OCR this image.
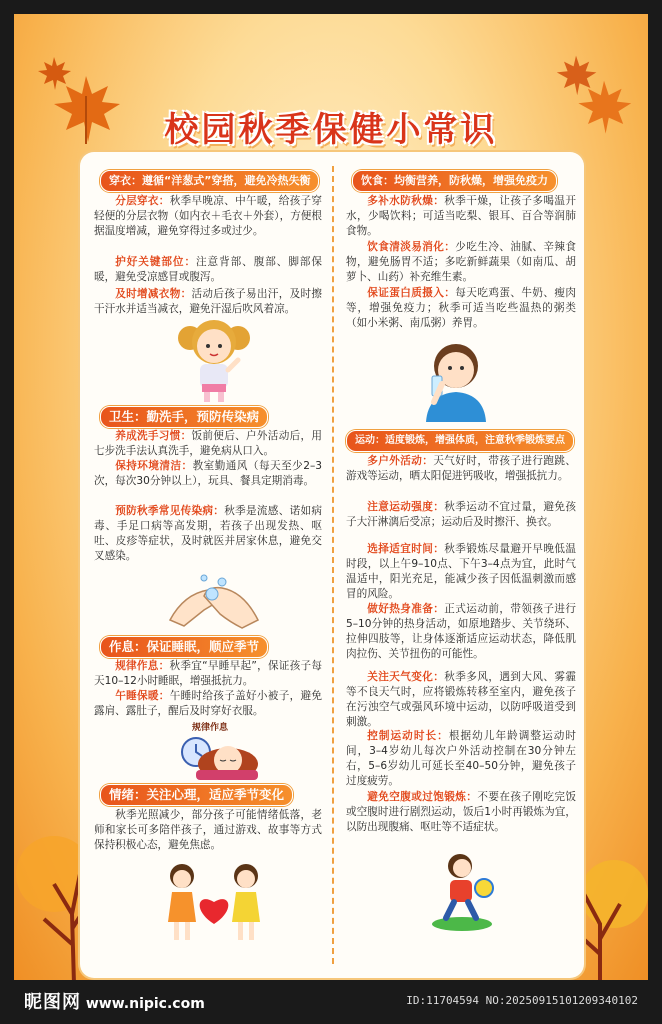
校园秋季保健小常识
穿衣：遵循“洋葱式”穿搭，避免冷热失衡
分层穿衣：秋季早晚凉、中午暖，给孩子穿轻便的分层衣物（如内衣＋毛衣＋外套），方便根据温度增减，避免穿得过多或过少。
护好关键部位：注意背部、腹部、脚部保暖，避免受凉感冒或腹泻。
及时增减衣物：活动后孩子易出汗，及时擦干汗水并适当减衣，避免汗湿后吹风着凉。
卫生：勤洗手，预防传染病
养成洗手习惯：饭前便后、户外活动后，用七步洗手法认真洗手，避免病从口入。
保持环境清洁：教室勤通风（每天至少2–3次，每次30分钟以上），玩具、餐具定期消毒。
预防秋季常见传染病：秋季是流感、诺如病毒、手足口病等高发期，若孩子出现发热、呕吐、皮疹等症状，及时就医并居家休息，避免交叉感染。
作息：保证睡眠，顺应季节
规律作息：秋季宜“早睡早起”，保证孩子每天10–12小时睡眠，增强抵抗力。
午睡保暖：午睡时给孩子盖好小被子，避免露肩、露肚子，醒后及时穿好衣服。
规律作息
情绪：关注心理，适应季节变化
秋季光照减少，部分孩子可能情绪低落，老师和家长可多陪伴孩子，通过游戏、故事等方式保持积极心态，避免焦虑。
饮食：均衡营养，防秋燥，增强免疫力
多补水防秋燥：秋季干燥，让孩子多喝温开水，少喝饮料；可适当吃梨、银耳、百合等润肺食物。
饮食清淡易消化：少吃生冷、油腻、辛辣食物，避免肠胃不适；多吃新鲜蔬果（如南瓜、胡萝卜、山药）补充维生素。
保证蛋白质摄入：每天吃鸡蛋、牛奶、瘦肉等，增强免疫力；秋季可适当吃些温热的粥类（如小米粥、南瓜粥）养胃。
运动：适度锻炼，增强体质，注意秋季锻炼要点
多户外活动：天气好时，带孩子进行跑跳、游戏等运动，晒太阳促进钙吸收，增强抵抗力。
注意运动强度：秋季运动不宜过量，避免孩子大汗淋漓后受凉；运动后及时擦汗、换衣。
选择适宜时间：秋季锻炼尽量避开早晚低温时段，以上午9–10点、下午3–4点为宜，此时气温适中，阳光充足，能减少孩子因低温刺激而感冒的风险。
做好热身准备：正式运动前，带领孩子进行5–10分钟的热身活动，如原地踏步、关节绕环、拉伸四肢等，让身体逐渐适应运动状态，降低肌肉拉伤、关节扭伤的可能性。
关注天气变化：秋季多风，遇到大风、雾霾等不良天气时，应将锻炼转移至室内，避免孩子在污浊空气或强风环境中运动，以防呼吸道受到刺激。
控制运动时长：根据幼儿年龄调整运动时间，3–4岁幼儿每次户外活动控制在30分钟左右，5–6岁幼儿可延长至40–50分钟，避免孩子过度疲劳。
避免空腹或过饱锻炼：不要在孩子刚吃完饭或空腹时进行剧烈运动，饭后1小时再锻炼为宜，以防出现腹痛、呕吐等不适症状。
昵图网 www.nipic.com	ID:11704594 NO:20250915101209340102
